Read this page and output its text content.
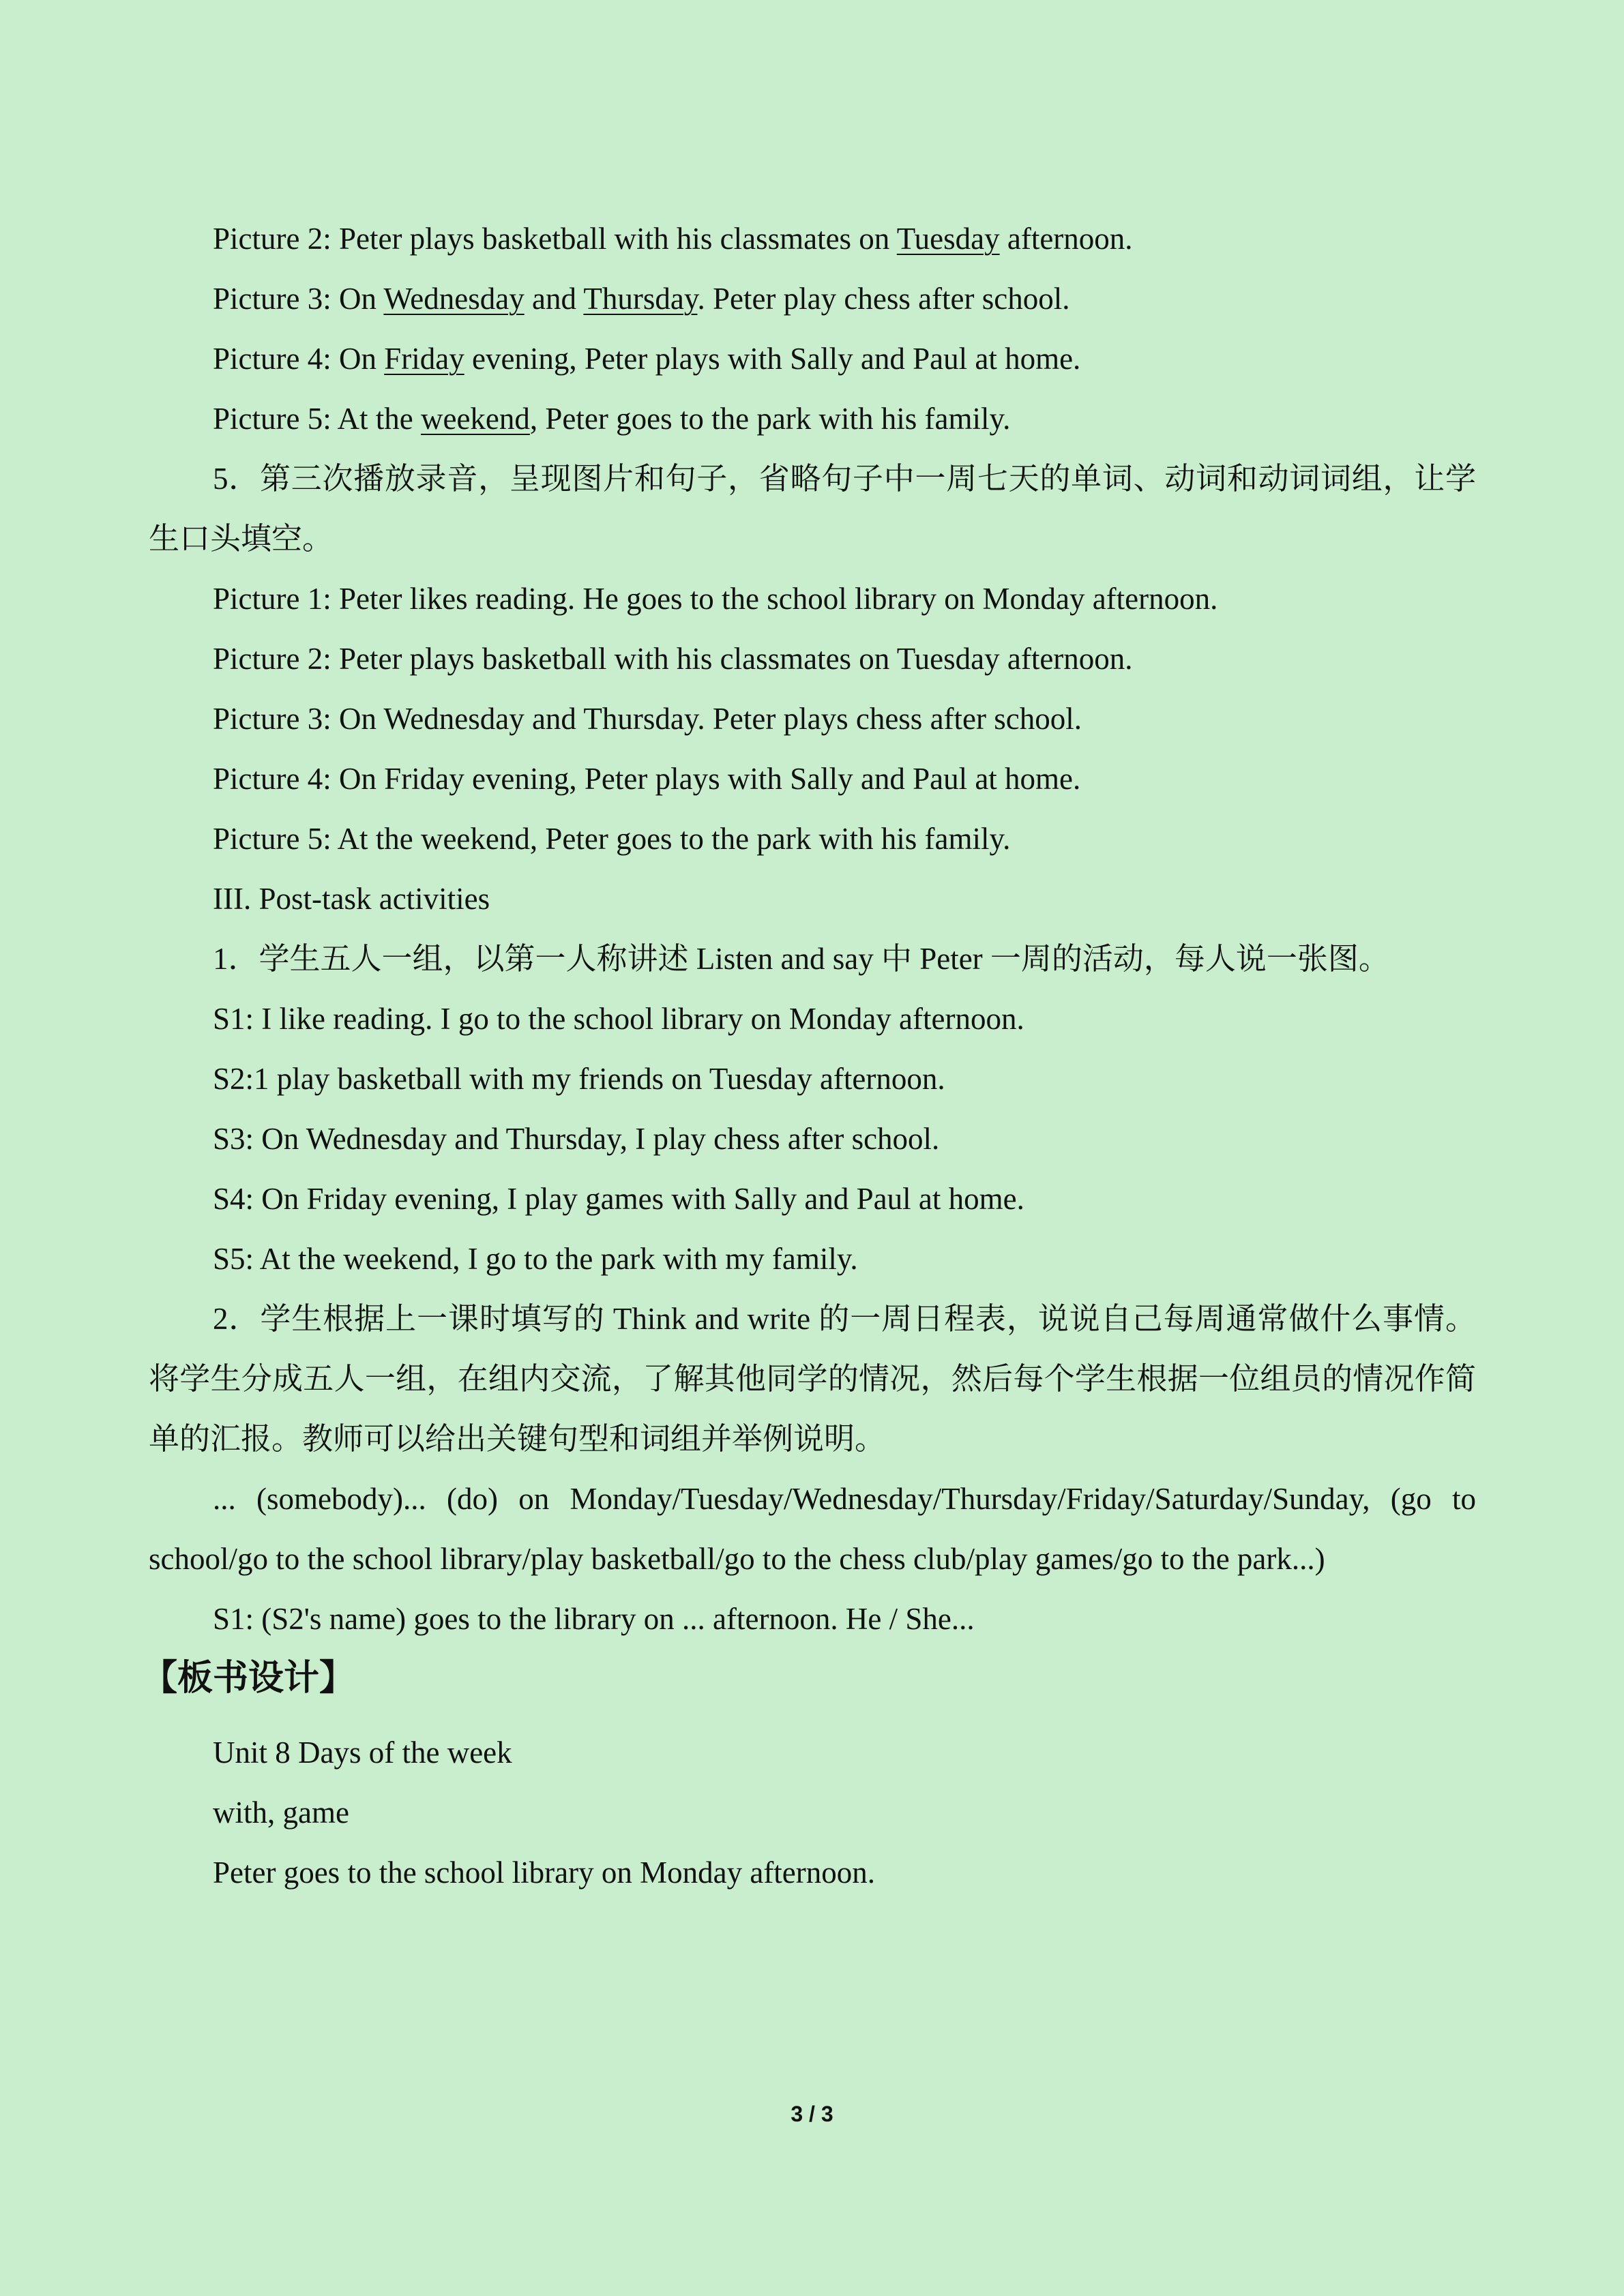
Picture 2: Peter plays basketball with his classmates on Tuesday afternoon.

Picture 3: On Wednesday and Thursday. Peter play chess after school.

Picture 4: On Friday evening, Peter plays with Sally and Paul at home.

Picture 5: At the weekend, Peter goes to the park with his family.

5．第三次播放录音，呈现图片和句子，省略句子中一周七天的单词、动词和动词词组，让学生口头填空。

Picture 1: Peter likes reading. He goes to the school library on Monday afternoon.

Picture 2: Peter plays basketball with his classmates on Tuesday afternoon.

Picture 3: On Wednesday and Thursday. Peter plays chess after school.

Picture 4: On Friday evening, Peter plays with Sally and Paul at home.

Picture 5: At the weekend, Peter goes to the park with his family.

III. Post-task activities

1．学生五人一组，以第一人称讲述 Listen and say 中 Peter 一周的活动，每人说一张图。

S1: I like reading. I go to the school library on Monday afternoon.

S2:1 play basketball with my friends on Tuesday afternoon.

S3: On Wednesday and Thursday, I play chess after school.

S4: On Friday evening, I play games with Sally and Paul at home.

S5: At the weekend, I go to the park with my family.

2．学生根据上一课时填写的 Think and write 的一周日程表，说说自己每周通常做什么事情。将学生分成五人一组，在组内交流，了解其他同学的情况，然后每个学生根据一位组员的情况作简单的汇报。教师可以给出关键句型和词组并举例说明。

... (somebody)... (do) on Monday/Tuesday/Wednesday/Thursday/Friday/Saturday/Sunday, (go to school/go to the school library/play basketball/go to the chess club/play games/go to the park...)

S1: (S2's name) goes to the library on ... afternoon. He / She...

【板书设计】

Unit 8 Days of the week

with, game

Peter goes to the school library on Monday afternoon.

3 / 3
